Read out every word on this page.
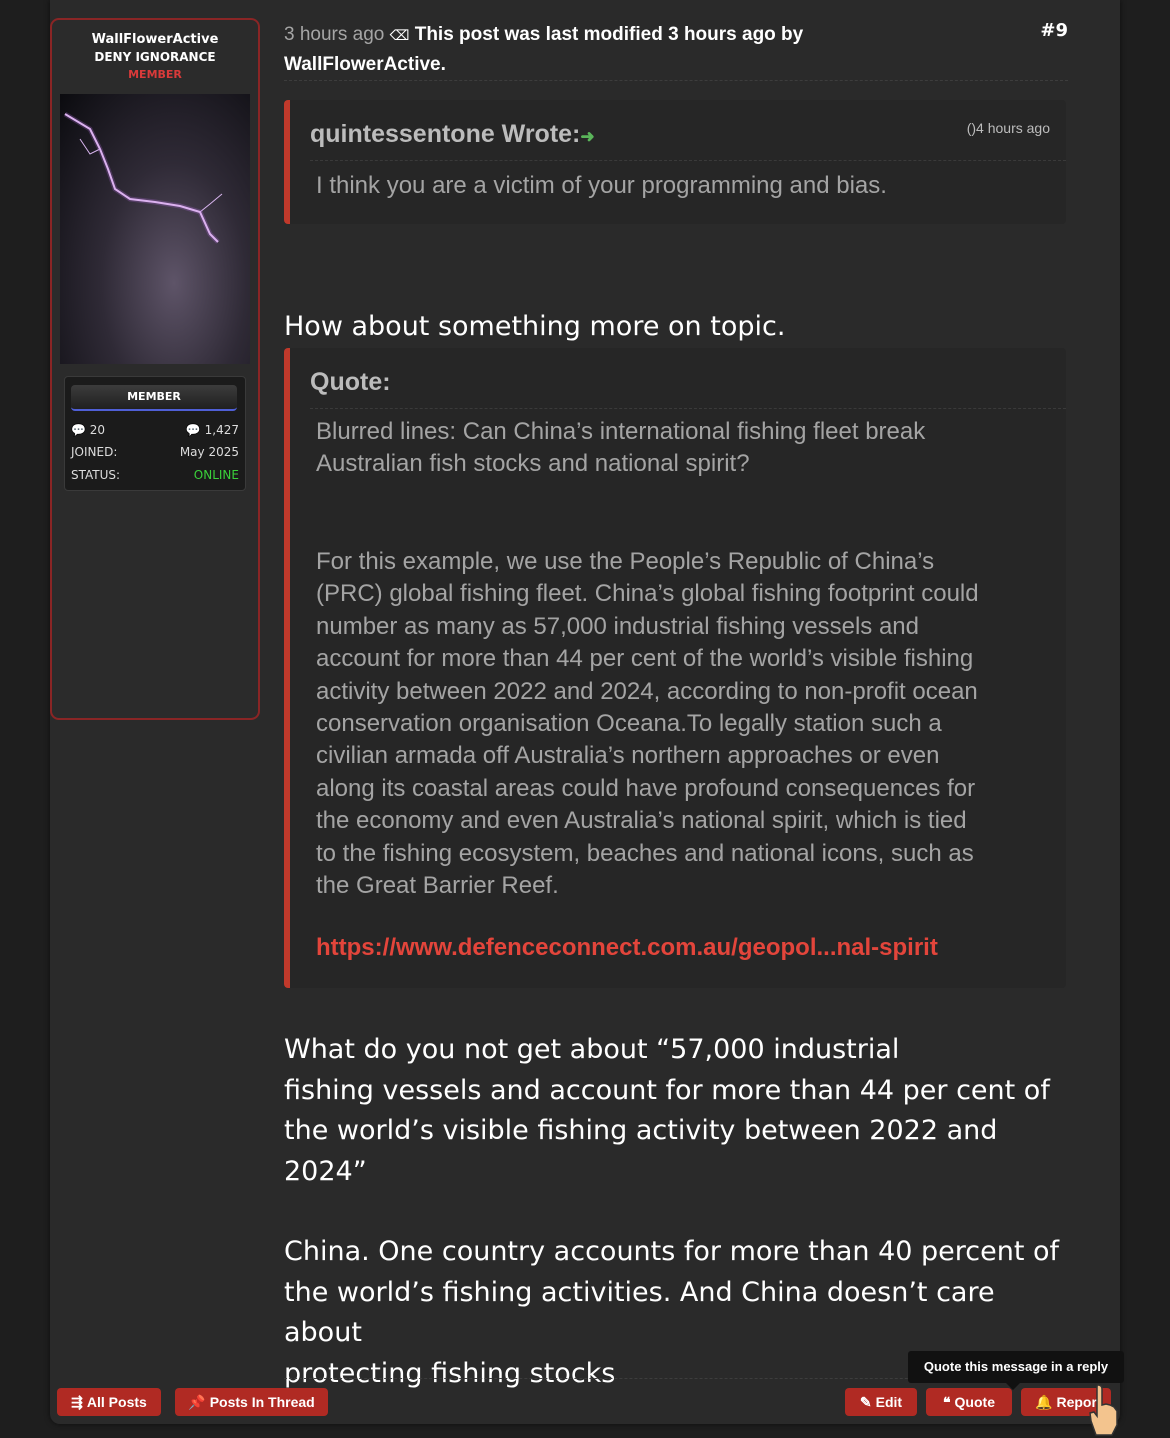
WallFlowerActive
DENY IGNORANCE
MEMBER
MEMBER
💬 20	💬 1,427
JOINED:	May 2025
STATUS:	ONLINE
3 hours ago ⌫ This post was last modified 3 hours ago by
WallFlowerActive.
#9
quintessentone Wrote:➜	()4 hours ago
I think you are a victim of your programming and bias.
How about something more on topic.
Quote:
Blurred lines: Can China’s international fishing fleet break
Australian fish stocks and national spirit?
For this example, we use the People’s Republic of China’s
(PRC) global fishing fleet. China’s global fishing footprint could
number as many as 57,000 industrial fishing vessels and
account for more than 44 per cent of the world’s visible fishing
activity between 2022 and 2024, according to non-profit ocean
conservation organisation Oceana.To legally station such a
civilian armada off Australia’s northern approaches or even
along its coastal areas could have profound consequences for
the economy and even Australia’s national spirit, which is tied
to the fishing ecosystem, beaches and national icons, such as
the Great Barrier Reef.
https://www.defenceconnect.com.au/geopol...nal-spirit
What do you not get about “57,000 industrial
fishing vessels and account for more than 44 per cent of
the world’s visible fishing activity between 2022 and
2024”
China. One country accounts for more than 40 percent of
the world’s fishing activities. And China doesn’t care about
protecting fishing stocks	Quote this message in a reply
⇶ All Posts	📌 Posts In Thread	✎ Edit	❝ Quote	🔔 Repor
